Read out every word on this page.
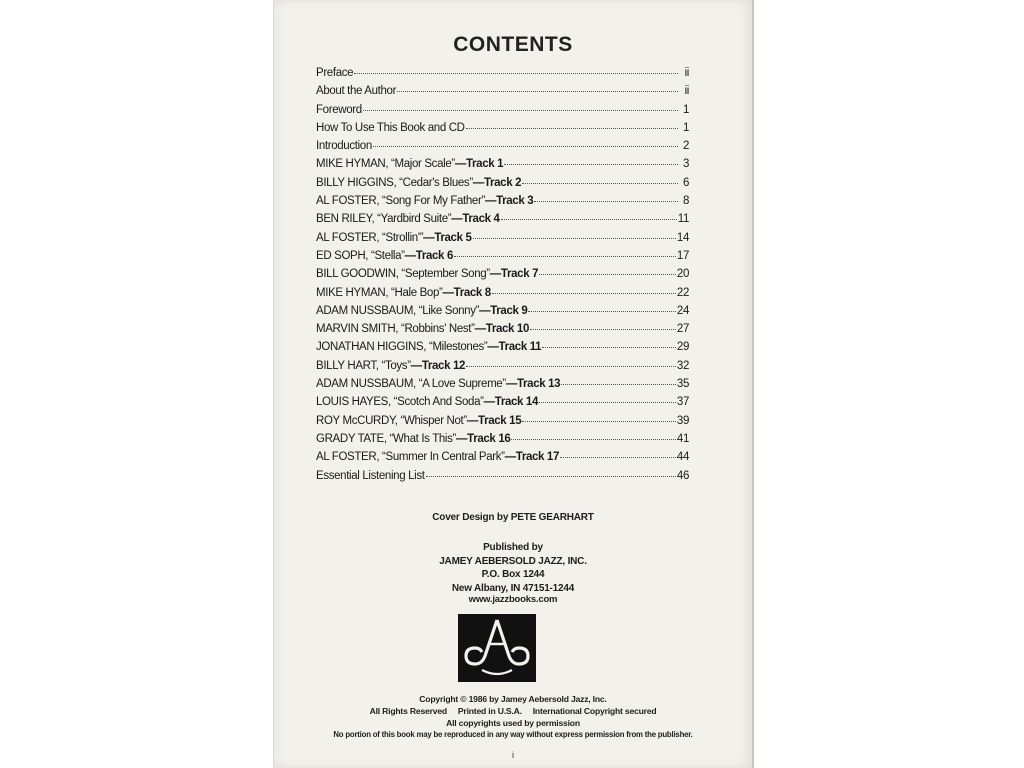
CONTENTS
Preface	ii
About the Author	ii
Foreword	1
How To Use This Book and CD	1
Introduction	2
MIKE HYMAN, “Major Scale” —Track 1	3
BILLY HIGGINS, “Cedar's Blues” —Track 2	6
AL FOSTER, “Song For My Father” —Track 3	8
BEN RILEY, “Yardbird Suite” —Track 4	11
AL FOSTER, “Strollin'” —Track 5	14
ED SOPH, “Stella” —Track 6	17
BILL GOODWIN, “September Song” —Track 7	20
MIKE HYMAN, “Hale Bop” —Track 8	22
ADAM NUSSBAUM, “Like Sonny” —Track 9	24
MARVIN SMITH, “Robbins' Nest” —Track 10	27
JONATHAN HIGGINS, “Milestones” —Track 11	29
BILLY HART, “Toys” —Track 12	32
ADAM NUSSBAUM, “A Love Supreme” —Track 13	35
LOUIS HAYES, “Scotch And Soda” —Track 14	37
ROY McCURDY, “Whisper Not” —Track 15	39
GRADY TATE, “What Is This” —Track 16	41
AL FOSTER, “Summer In Central Park” —Track 17	44
Essential Listening List	46
Cover Design by PETE GEARHART
Published by
JAMEY AEBERSOLD JAZZ, INC.
P.O. Box 1244
New Albany, IN 47151-1244
www.jazzbooks.com
Copyright © 1986 by Jamey Aebersold Jazz, Inc.
All Rights Reserved     Printed in U.S.A.     International Copyright secured
All copyrights used by permission
No portion of this book may be reproduced in any way without express permission from the publisher.
i
